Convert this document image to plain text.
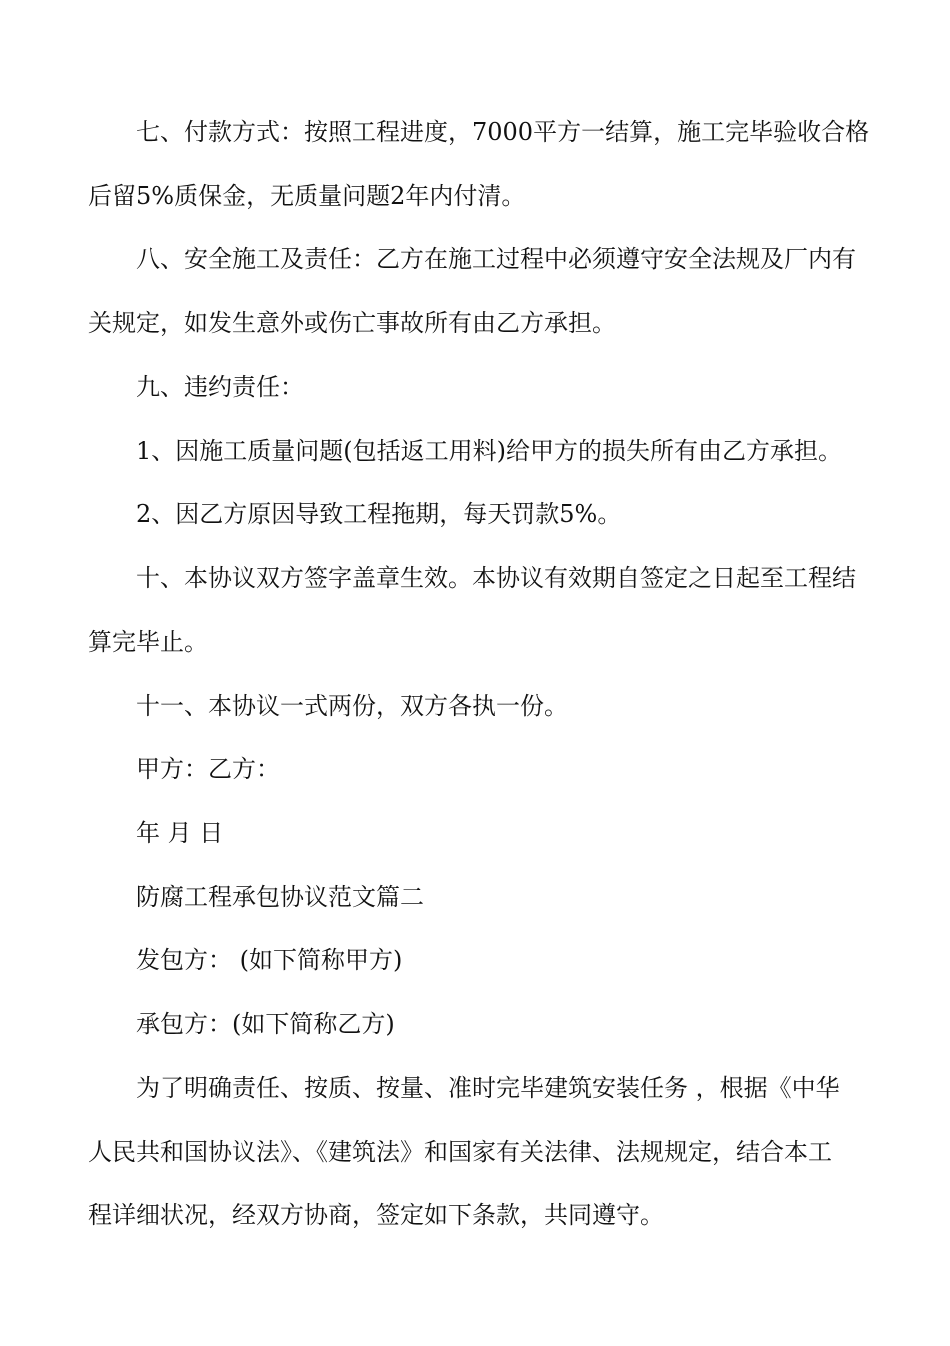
七、付款方式：按照工程进度，7000平方一结算，施工完毕验收合格

后留5%质保金，无质量问题2年内付清。

八、安全施工及责任：乙方在施工过程中必须遵守安全法规及厂内有

关规定，如发生意外或伤亡事故所有由乙方承担。

九、违约责任：

1、因施工质量问题(包括返工用料)给甲方的损失所有由乙方承担。

2、因乙方原因导致工程拖期，每天罚款5%。

十、本协议双方签字盖章生效。本协议有效期自签定之日起至工程结

算完毕止。

十一、本协议一式两份，双方各执一份。

甲方：乙方：

年 月 日

防腐工程承包协议范文篇二

发包方： (如下简称甲方)

承包方：(如下简称乙方)

为了明确责任、按质、按量、准时完毕建筑安装任务 ，根据《中华

人民共和国协议法》、《建筑法》和国家有关法律、法规规定，结合本工

程详细状况，经双方协商，签定如下条款，共同遵守。
